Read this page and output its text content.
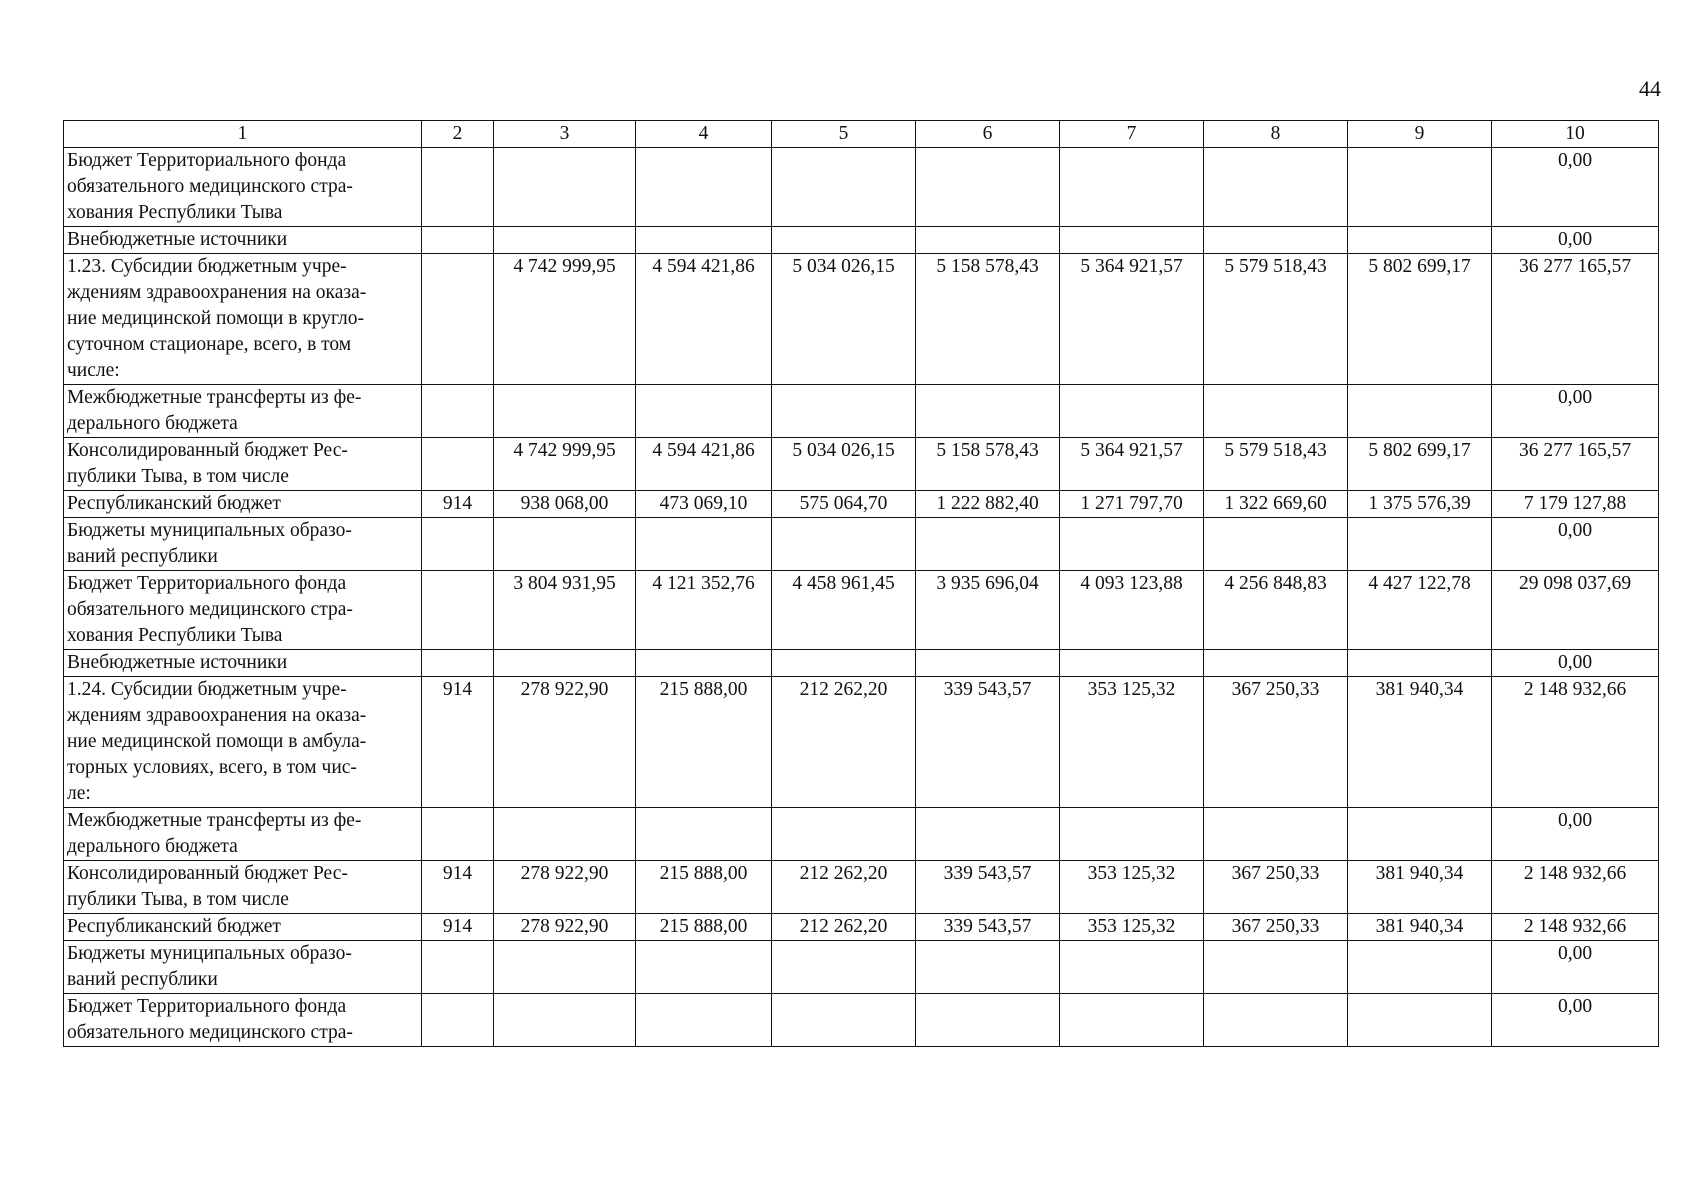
44
1	2	3	4	5	6	7	8	9	10

Бюджет Территориального фонда
обязательного медицинского стра-
хования Республики Тыва									0,00

Внебюджетные источники									0,00

1.23. Субсидии бюджетным учре-
ждениям здравоохранения на оказа-
ние медицинской помощи в кругло-
суточном стационаре, всего, в том
числе:		4 742 999,95	4 594 421,86	5 034 026,15	5 158 578,43	5 364 921,57	5 579 518,43	5 802 699,17	36 277 165,57

Межбюджетные трансферты из фе-
дерального бюджета									0,00

Консолидированный бюджет Рес-
публики Тыва, в том числе		4 742 999,95	4 594 421,86	5 034 026,15	5 158 578,43	5 364 921,57	5 579 518,43	5 802 699,17	36 277 165,57

Республиканский бюджет	914	938 068,00	473 069,10	575 064,70	1 222 882,40	1 271 797,70	1 322 669,60	1 375 576,39	7 179 127,88

Бюджеты муниципальных образо-
ваний республики									0,00

Бюджет Территориального фонда
обязательного медицинского стра-
хования Республики Тыва		3 804 931,95	4 121 352,76	4 458 961,45	3 935 696,04	4 093 123,88	4 256 848,83	4 427 122,78	29 098 037,69

Внебюджетные источники									0,00

1.24. Субсидии бюджетным учре-
ждениям здравоохранения на оказа-
ние медицинской помощи в амбула-
торных условиях, всего, в том чис-
ле:	914	278 922,90	215 888,00	212 262,20	339 543,57	353 125,32	367 250,33	381 940,34	2 148 932,66

Межбюджетные трансферты из фе-
дерального бюджета									0,00

Консолидированный бюджет Рес-
публики Тыва, в том числе	914	278 922,90	215 888,00	212 262,20	339 543,57	353 125,32	367 250,33	381 940,34	2 148 932,66

Республиканский бюджет	914	278 922,90	215 888,00	212 262,20	339 543,57	353 125,32	367 250,33	381 940,34	2 148 932,66

Бюджеты муниципальных образо-
ваний республики									0,00

Бюджет Территориального фонда
обязательного медицинского стра-									0,00
